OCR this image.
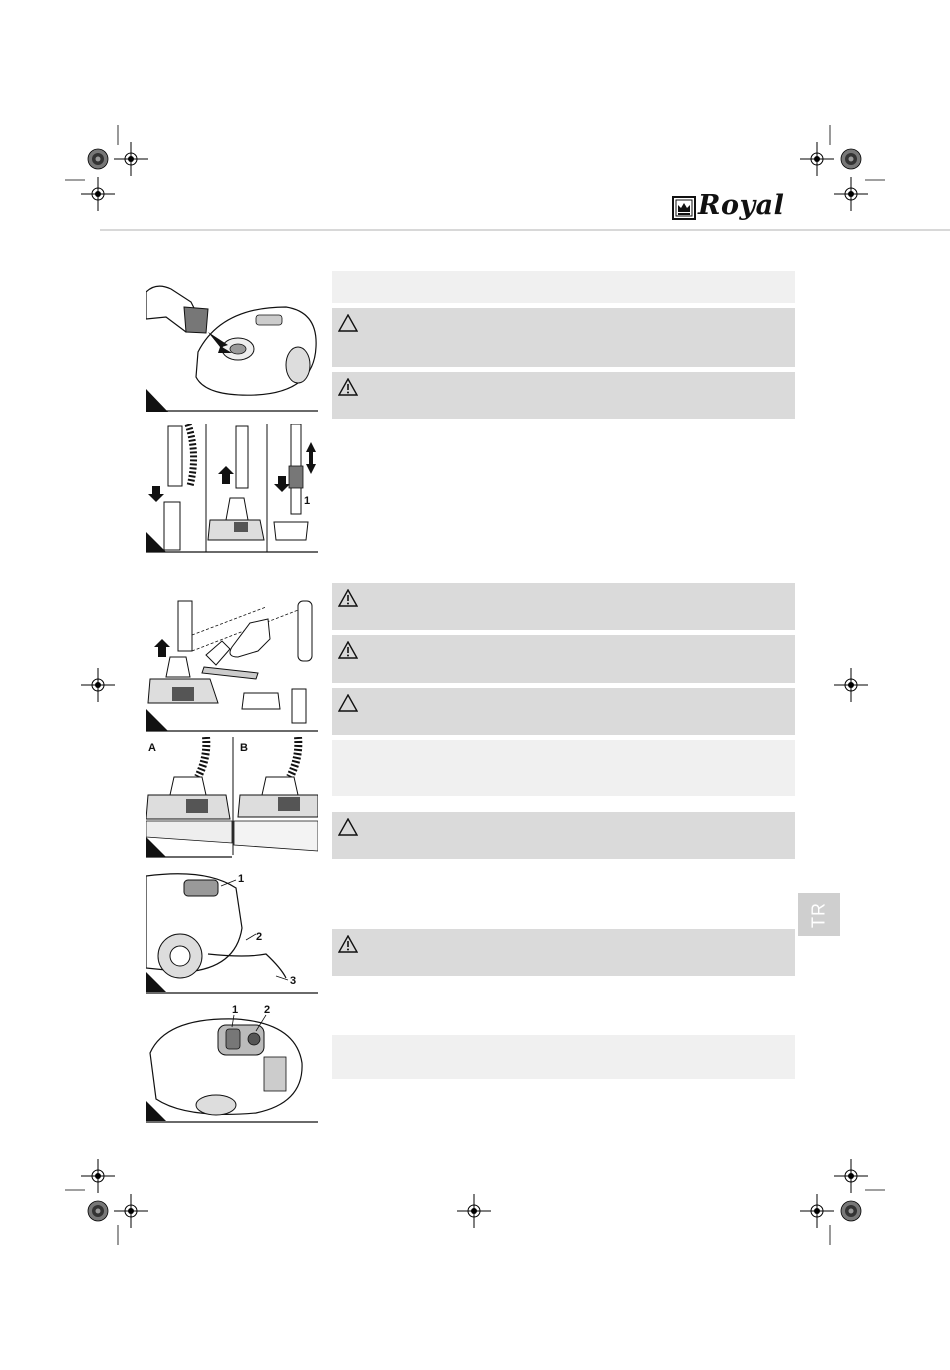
Royal
1
A	B
1
2
3
1 2
TR
